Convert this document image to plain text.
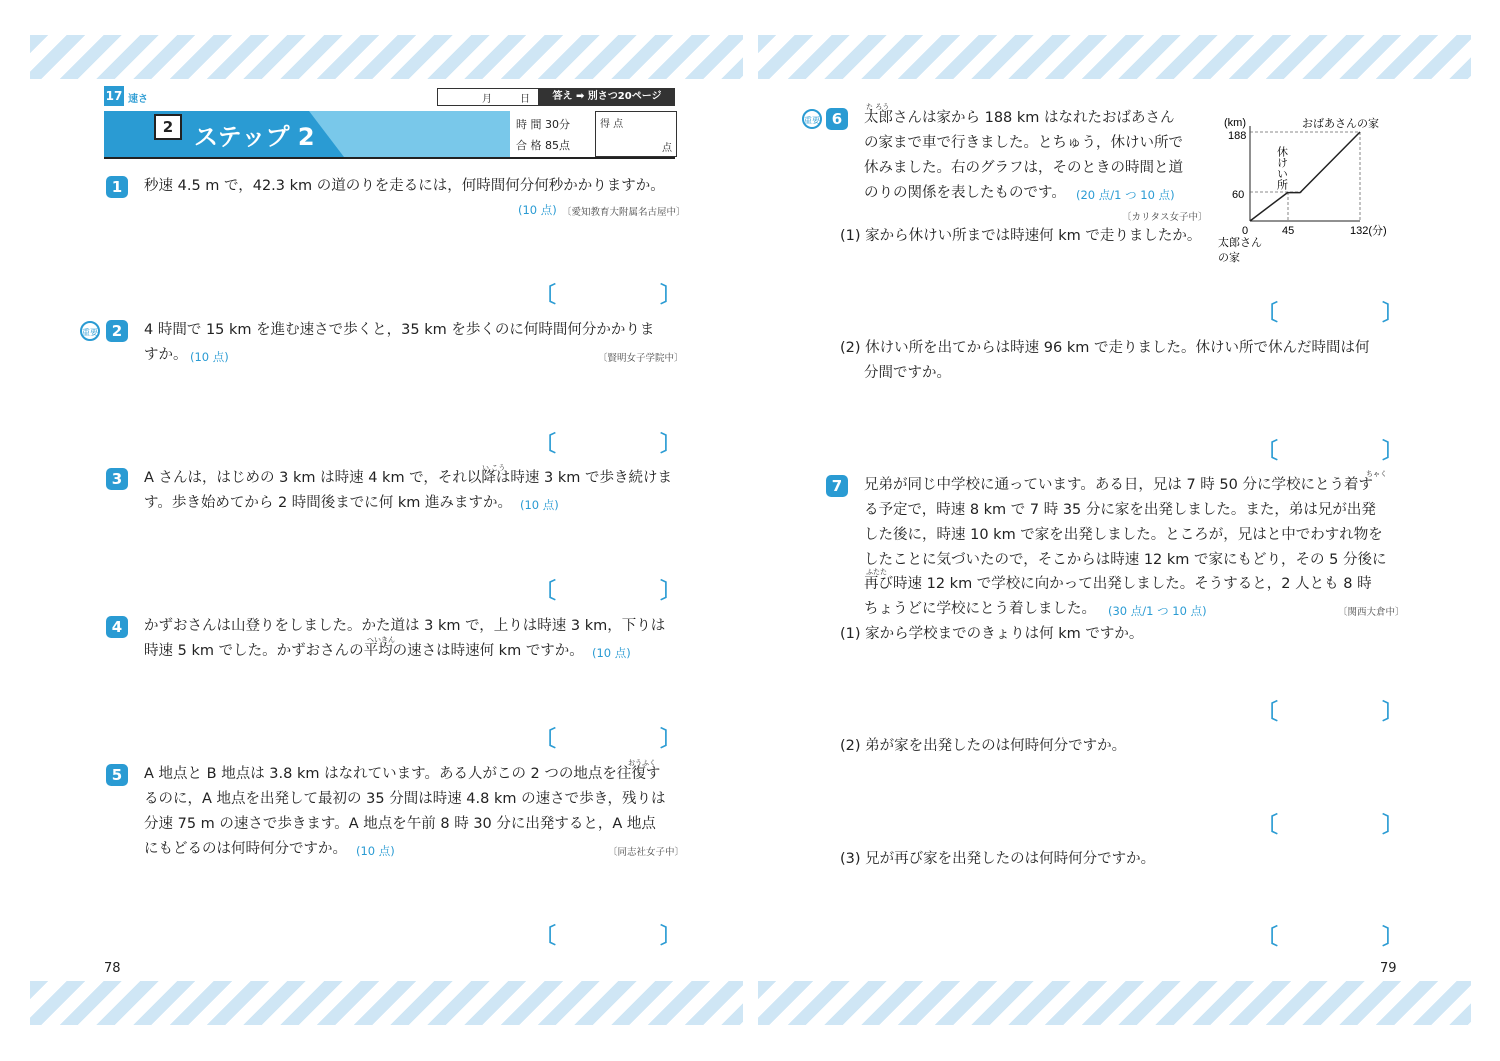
17 速さ	月	日	答え ➡ 別さつ20ページ
2 ステップ 2	時 間 30分
合 格 85点
得 点
点
1	秒速 4.5 m で，42.3 km の道のりを走るには，何時間何分何秒かかりますか。
(10 点) 〔愛知教育大附属名古屋中〕
〔	〕
重要 2	4 時間で 15 km を進む速さで歩くと，35 km を歩くのに何時間何分かかりま
すか。 (10 点)	〔賢明女子学院中〕
〔	〕
3
い こう
A さんは，はじめの 3 km は時速 4 km で，それ以降は時速 3 km で歩き続けま
す。歩き始めてから 2 時間後までに何 km 進みますか。 (10 点)
〔	〕
4
へいきん
かずおさんは山登りをしました。かた道は 3 km で，上りは時速 3 km，下りは
時速 5 km でした。かずおさんの平均の速さは時速何 km ですか。 (10 点)
〔	〕
5
おうふく
A 地点と B 地点は 3.8 km はなれています。ある人がこの 2 つの地点を往復す
るのに，A 地点を出発して最初の 35 分間は時速 4.8 km の速さで歩き，残りは
分速 75 m の速さで歩きます。A 地点を午前 8 時 30 分に出発すると，A 地点
にもどるのは何時何分ですか。 (10 点)	〔同志社女子中〕
〔	〕
78
重要 6
た ろう
太郎さんは家から 188 km はなれたおばあさん
の家まで車で行きました。とちゅう，休けい所で
休みました。右のグラフは，そのときの時間と道
のりの関係を表したものです。 (20 点/1 つ 10 点)
〔カリタス女子中〕
(1) 家から休けい所までは時速何 km で走りましたか。
〔	〕
(2) 休けい所を出てからは時速 96 km で走りました。休けい所で休んだ時間は何
分間ですか。
〔	〕
(km)
188
60
0	45	132(分)
太郎さん
の家
おばあさんの家
休けい所
7
ちゃく
ふたた
兄弟が同じ中学校に通っています。ある日，兄は 7 時 50 分に学校にとう着す
る予定で，時速 8 km で 7 時 35 分に家を出発しました。また，弟は兄が出発
した後に，時速 10 km で家を出発しました。ところが，兄はと中でわすれ物を
したことに気づいたので，そこからは時速 12 km で家にもどり，その 5 分後に
再び時速 12 km で学校に向かって出発しました。そうすると，2 人とも 8 時
ちょうどに学校にとう着しました。 (30 点/1 つ 10 点)	〔関西大倉中〕
(1) 家から学校までのきょりは何 km ですか。
〔	〕
(2) 弟が家を出発したのは何時何分ですか。
〔	〕
(3) 兄が再び家を出発したのは何時何分ですか。
〔	〕
79
